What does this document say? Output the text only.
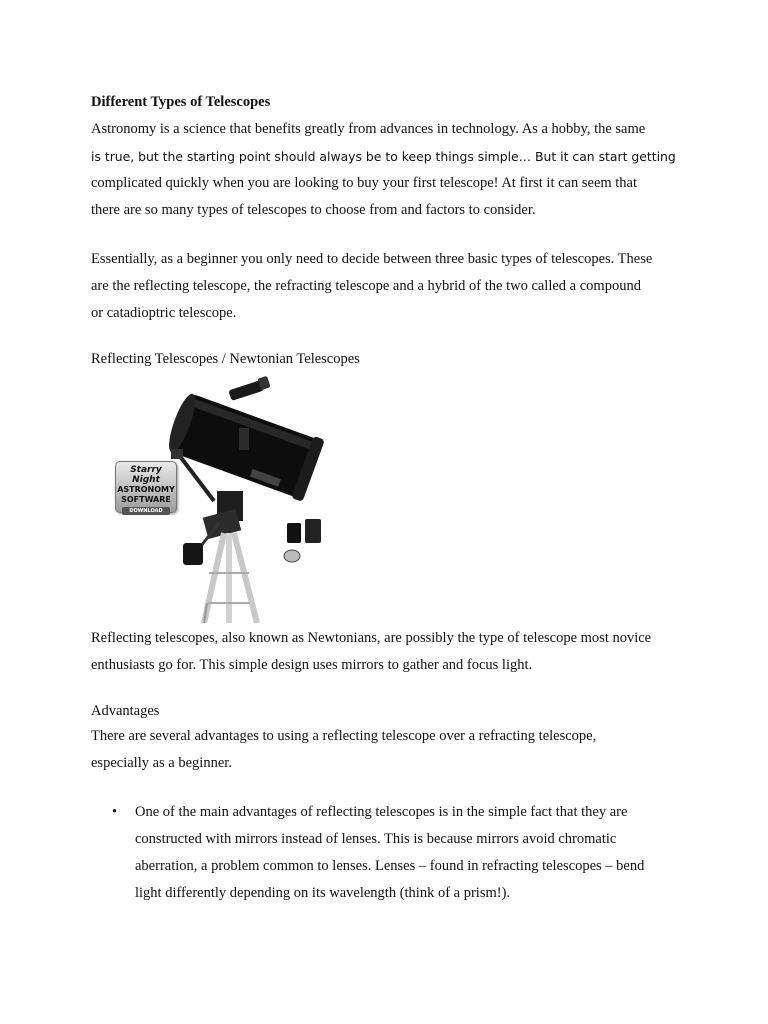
Different Types of Telescopes

Astronomy is a science that benefits greatly from advances in technology. As a hobby, the same
is true, but the starting point should always be to keep things simple… But it can start getting
complicated quickly when you are looking to buy your first telescope! At first it can seem that
there are so many types of telescopes to choose from and factors to consider.

Essentially, as a beginner you only need to decide between three basic types of telescopes. These
are the reflecting telescope, the refracting telescope and a hybrid of the two called a compound
or catadioptric telescope.

Reflecting Telescopes / Newtonian Telescopes

Starry Night
ASTRONOMY
SOFTWARE
DOWNLOAD

Reflecting telescopes, also known as Newtonians, are possibly the type of telescope most novice
enthusiasts go for. This simple design uses mirrors to gather and focus light.

Advantages

There are several advantages to using a reflecting telescope over a refracting telescope,
especially as a beginner.

• One of the main advantages of reflecting telescopes is in the simple fact that they are
constructed with mirrors instead of lenses. This is because mirrors avoid chromatic
aberration, a problem common to lenses. Lenses – found in refracting telescopes – bend
light differently depending on its wavelength (think of a prism!).
